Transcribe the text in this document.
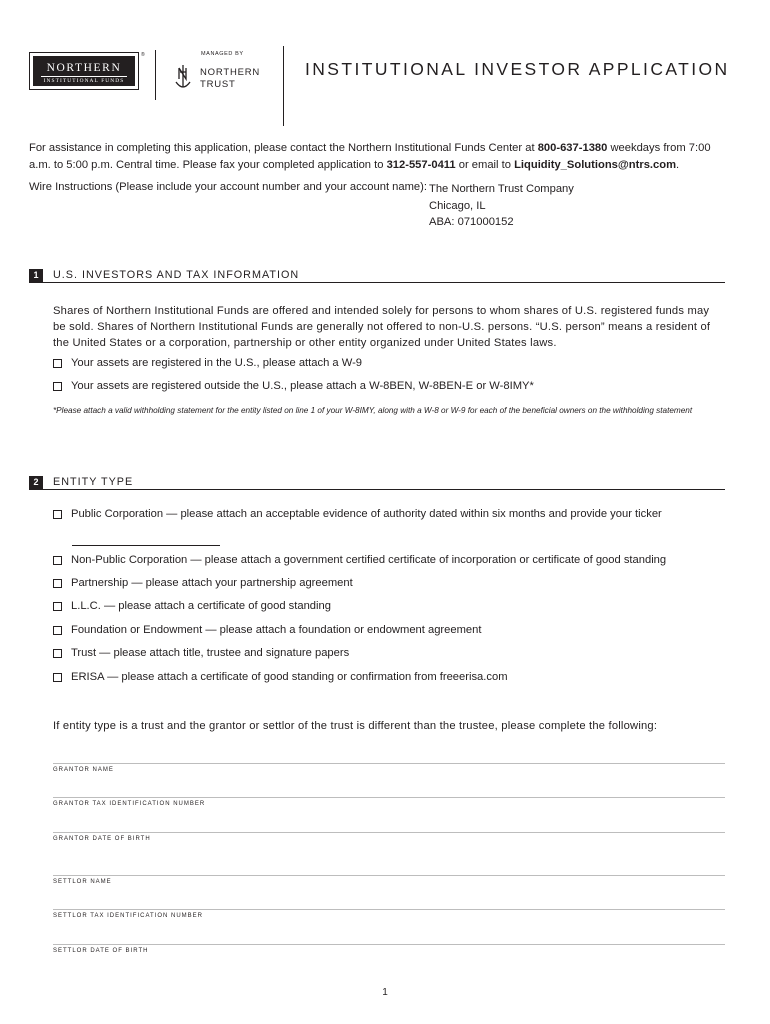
NORTHERN
INSTITUTIONAL FUNDS
®	MANAGED BY
NORTHERN
TRUST
INSTITUTIONAL INVESTOR APPLICATION
For assistance in completing this application, please contact the Northern Institutional Funds Center at 800-637-1380 weekdays from 7:00 a.m. to 5:00 p.m. Central time. Please fax your completed application to 312-557-0411 or email to Liquidity_Solutions@ntrs.com.
Wire Instructions (Please include your account number and your account name): The Northern Trust Company
Chicago, IL
ABA: 071000152
1	U.S. INVESTORS AND TAX INFORMATION
Shares of Northern Institutional Funds are offered and intended solely for persons to whom shares of U.S. registered funds may be sold. Shares of Northern Institutional Funds are generally not offered to non-U.S. persons. “U.S. person” means a resident of the United States or a corporation, partnership or other entity organized under United States laws.
Your assets are registered in the U.S., please attach a W-9
Your assets are registered outside the U.S., please attach a W-8BEN, W-8BEN-E or W-8IMY*
*Please attach a valid withholding statement for the entity listed on line 1 of your W-8IMY, along with a W-8 or W-9 for each of the beneficial owners on the withholding statement
2	ENTITY TYPE
Public Corporation — please attach an acceptable evidence of authority dated within six months and provide your ticker
Non-Public Corporation — please attach a government certified certificate of incorporation or certificate of good standing
Partnership — please attach your partnership agreement
L.L.C. — please attach a certificate of good standing
Foundation or Endowment — please attach a foundation or endowment agreement
Trust — please attach title, trustee and signature papers
ERISA — please attach a certificate of good standing or confirmation from freeerisa.com
If entity type is a trust and the grantor or settlor of the trust is different than the trustee, please complete the following:
GRANTOR NAME
GRANTOR TAX IDENTIFICATION NUMBER
GRANTOR DATE OF BIRTH
SETTLOR NAME
SETTLOR TAX IDENTIFICATION NUMBER
SETTLOR DATE OF BIRTH
1
